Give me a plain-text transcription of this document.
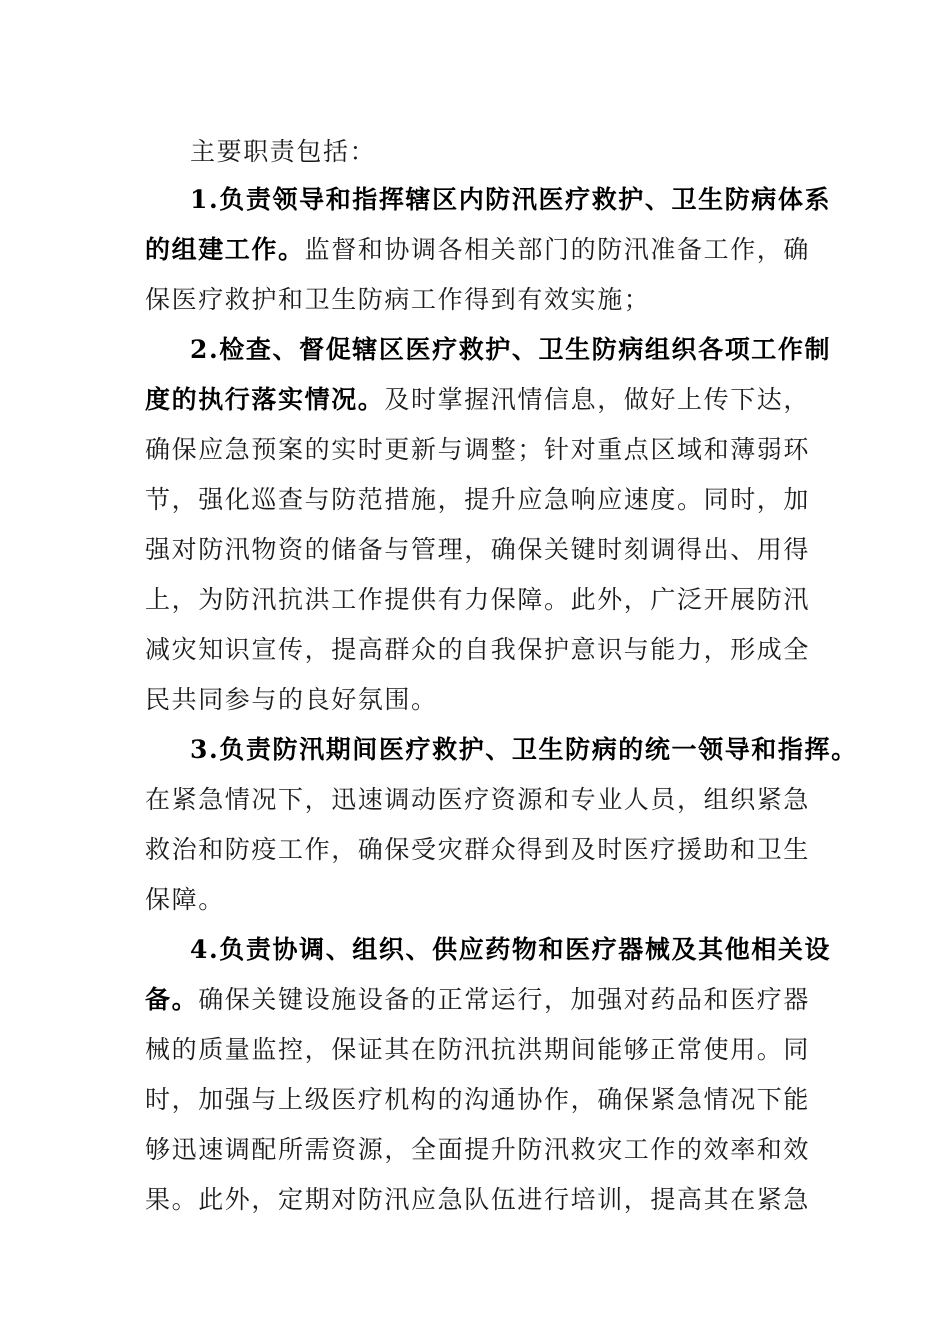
主要职责包括：
1.负责领导和指挥辖区内防汛医疗救护、卫生防病体系
的组建工作。监督和协调各相关部门的防汛准备工作，确
保医疗救护和卫生防病工作得到有效实施；
2.检查、督促辖区医疗救护、卫生防病组织各项工作制
度的执行落实情况。及时掌握汛情信息，做好上传下达，
确保应急预案的实时更新与调整；针对重点区域和薄弱环
节，强化巡查与防范措施，提升应急响应速度。同时，加
强对防汛物资的储备与管理，确保关键时刻调得出、用得
上，为防汛抗洪工作提供有力保障。此外，广泛开展防汛
减灾知识宣传，提高群众的自我保护意识与能力，形成全
民共同参与的良好氛围。
3.负责防汛期间医疗救护、卫生防病的统一领导和指挥。
在紧急情况下，迅速调动医疗资源和专业人员，组织紧急
救治和防疫工作，确保受灾群众得到及时医疗援助和卫生
保障。
4.负责协调、组织、供应药物和医疗器械及其他相关设
备。确保关键设施设备的正常运行，加强对药品和医疗器
械的质量监控，保证其在防汛抗洪期间能够正常使用。同
时，加强与上级医疗机构的沟通协作，确保紧急情况下能
够迅速调配所需资源，全面提升防汛救灾工作的效率和效
果。此外，定期对防汛应急队伍进行培训，提高其在紧急
